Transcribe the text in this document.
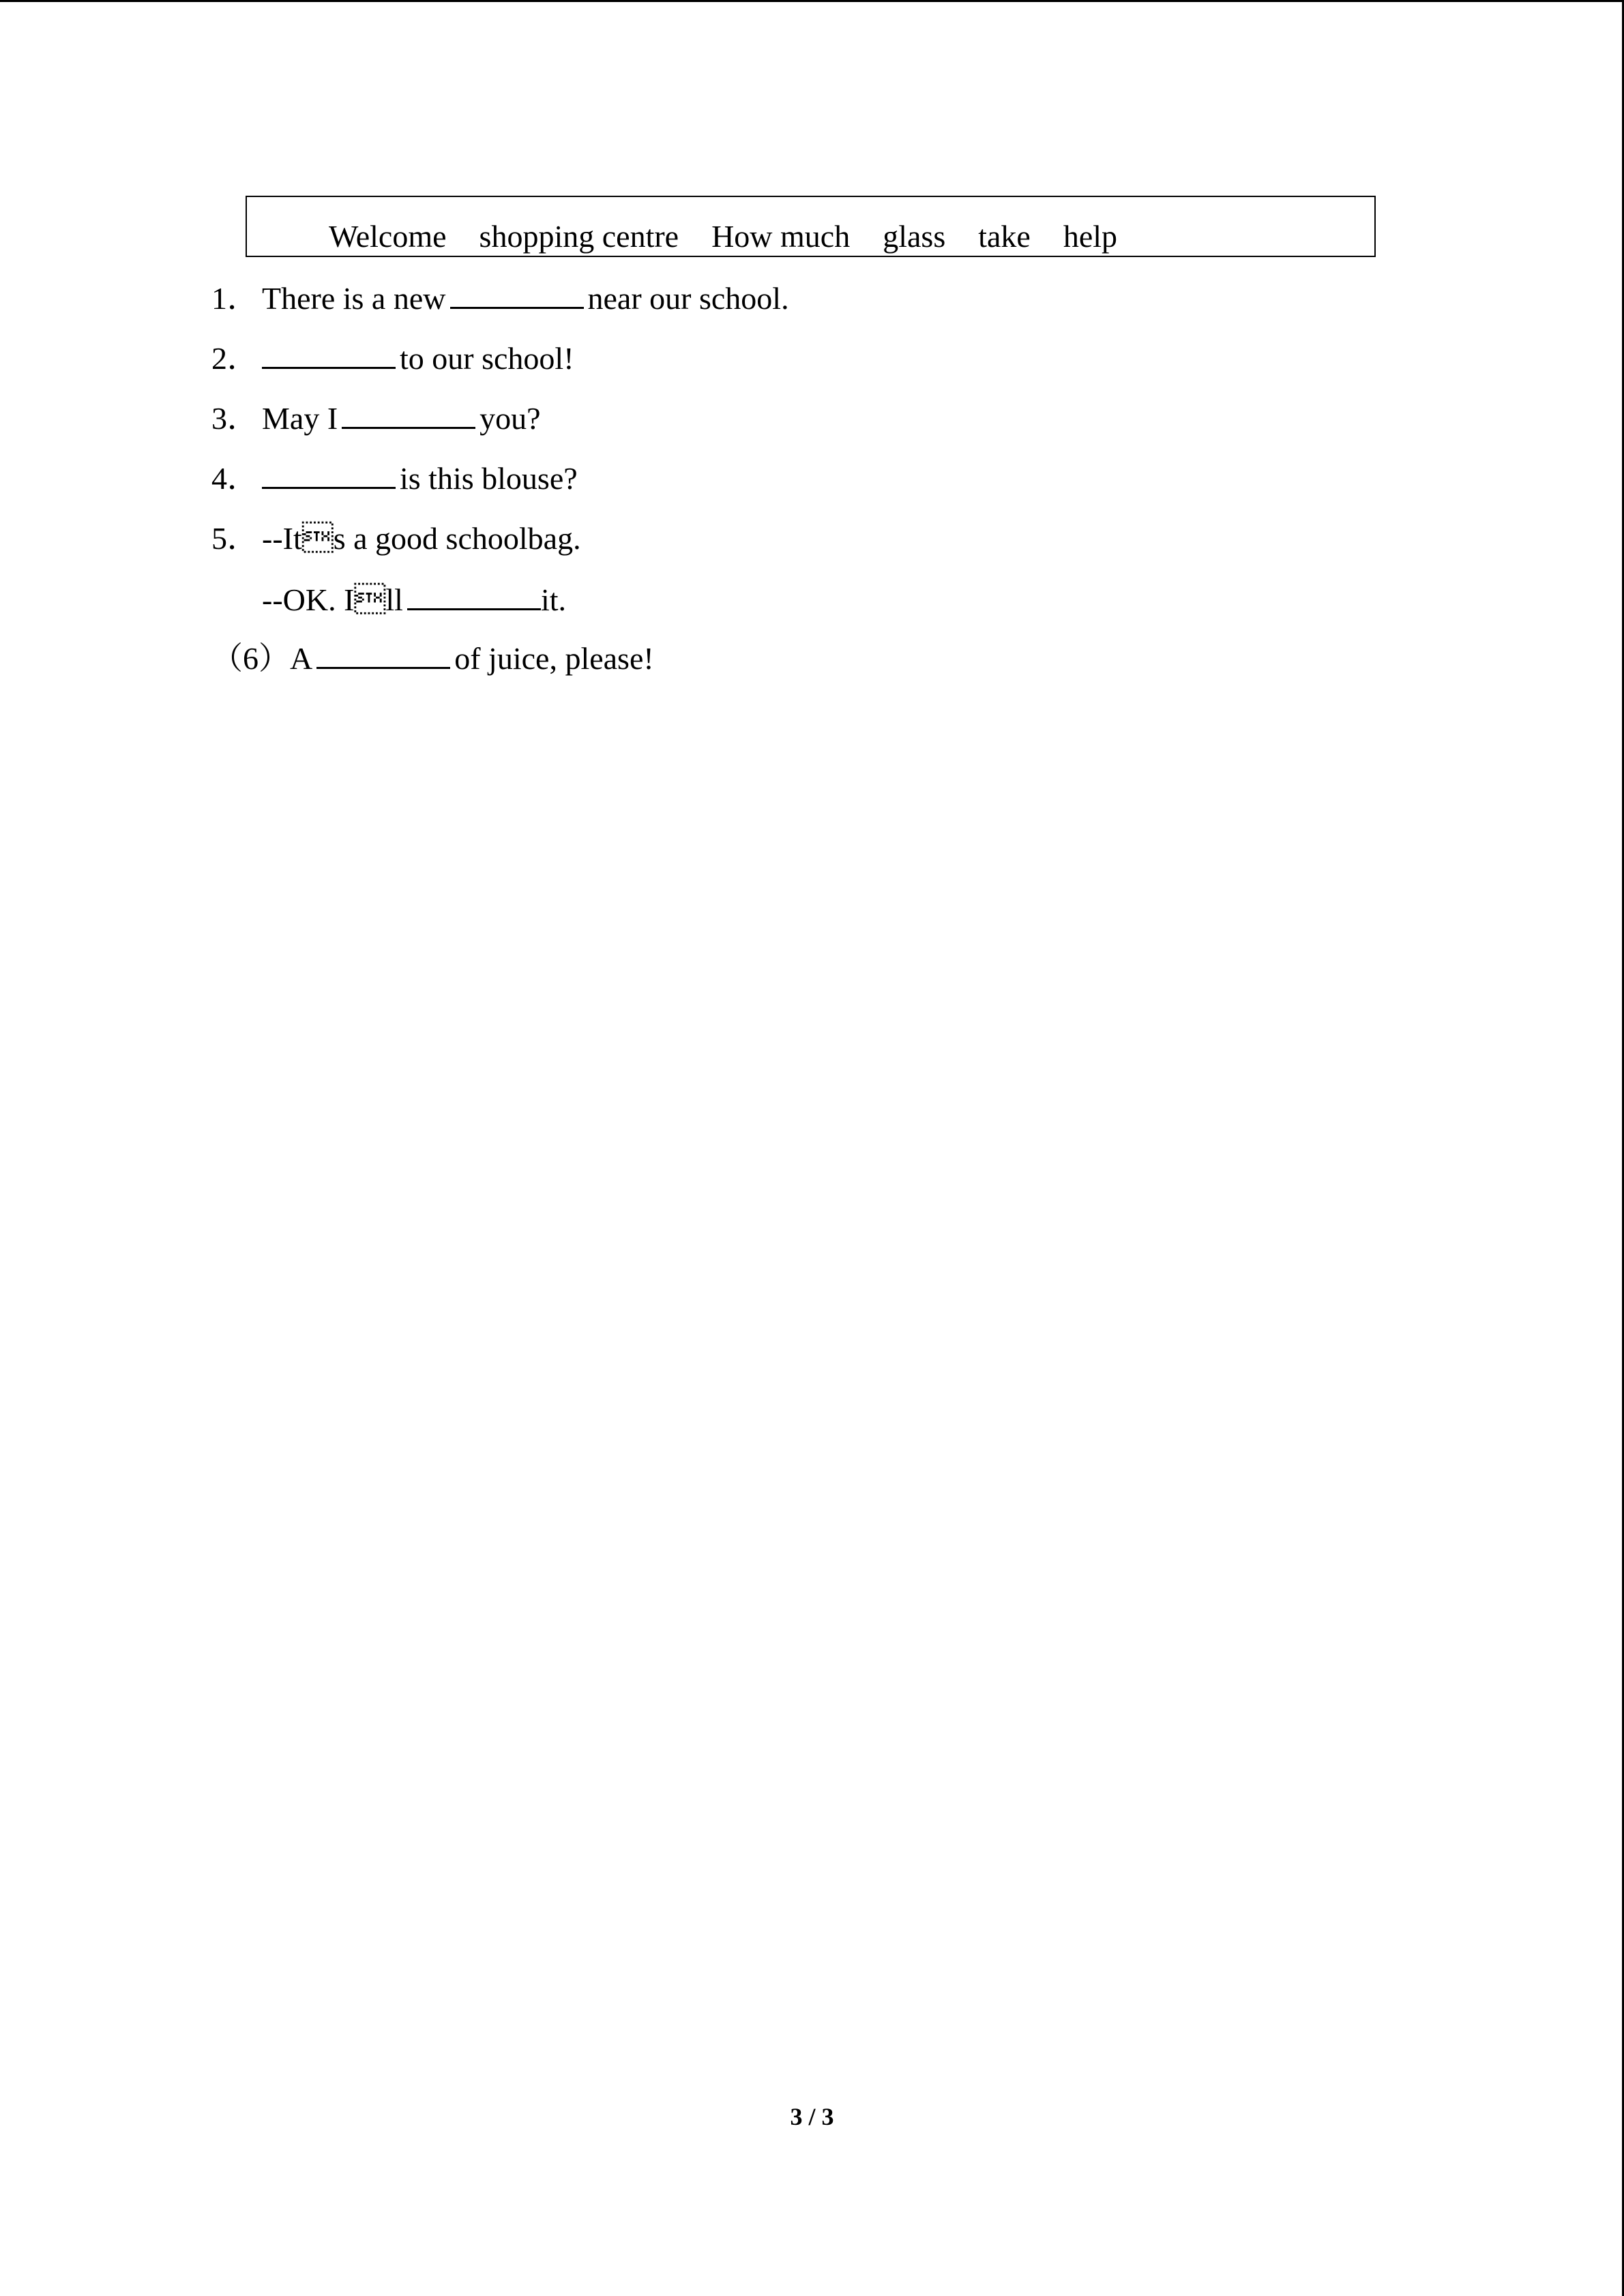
Welcome shopping centre How much glass take help
1． There is a new	near our school.
2．	to our school!
3． May I	you?
4．	is this blouse?
5． --Its a good schoolbag.
--OK. Ill	it.
（6）A	of juice, please!
3 / 3
